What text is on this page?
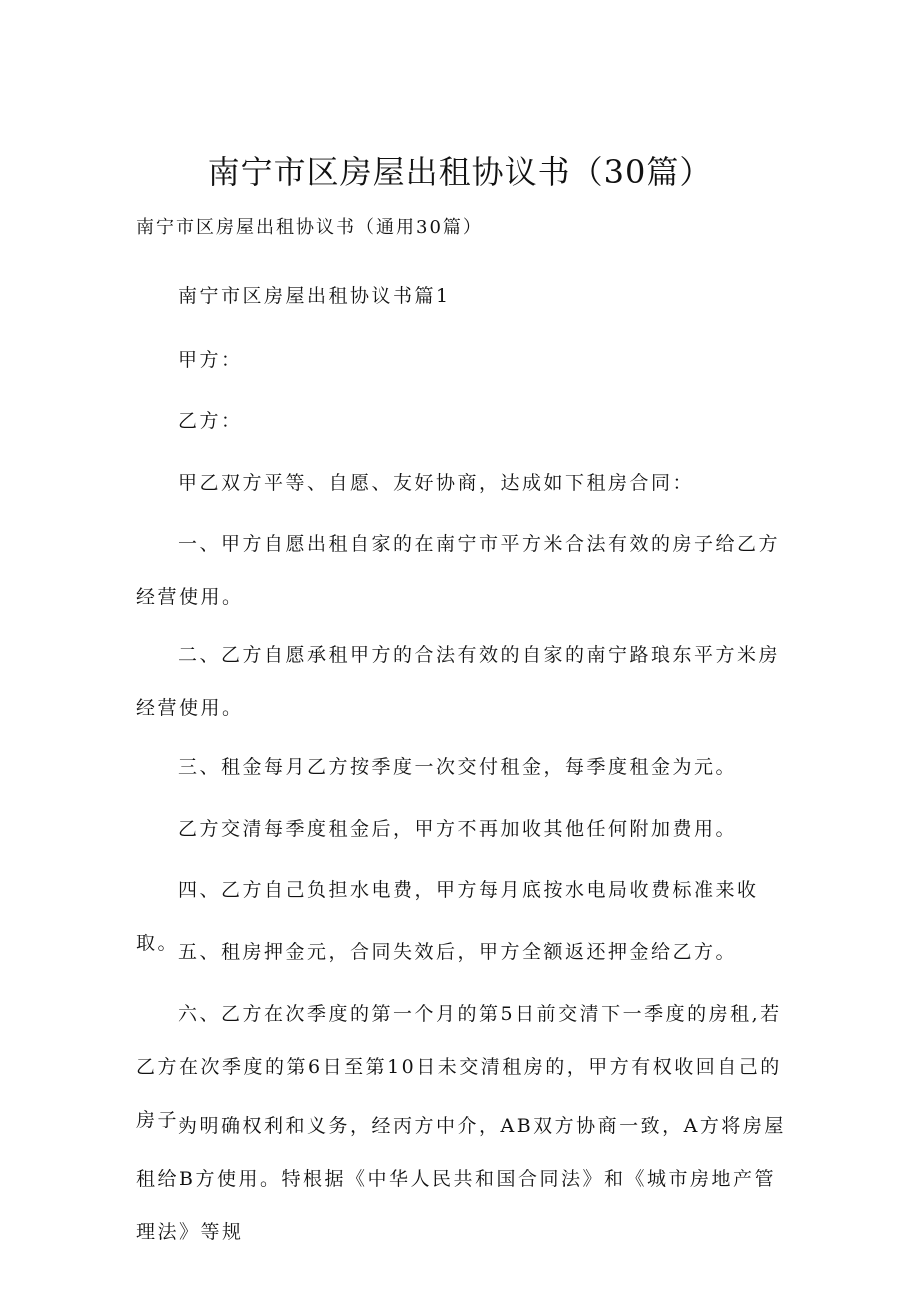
南宁市区房屋出租协议书（30篇）
南宁市区房屋出租协议书（通用30篇）

南宁市区房屋出租协议书篇1

甲方：

乙方：

甲乙双方平等、自愿、友好协商，达成如下租房合同：

一、甲方自愿出租自家的在南宁市平方米合法有效的房子给乙方经营使用。

二、乙方自愿承租甲方的合法有效的自家的南宁路琅东平方米房经营使用。

三、租金每月乙方按季度一次交付租金，每季度租金为元。

乙方交清每季度租金后，甲方不再加收其他任何附加费用。

四、乙方自己负担水电费，甲方每月底按水电局收费标准来收取。

五、租房押金元，合同失效后，甲方全额返还押金给乙方。

六、乙方在次季度的第一个月的第5日前交清下一季度的房租,若乙方在次季度的第6日至第10日未交清租房的，甲方有权收回自己的房子。

为明确权利和义务，经丙方中介，AB双方协商一致，A方将房屋租给B方使用。特根据《中华人民共和国合同法》和《城市房地产管理法》等规
